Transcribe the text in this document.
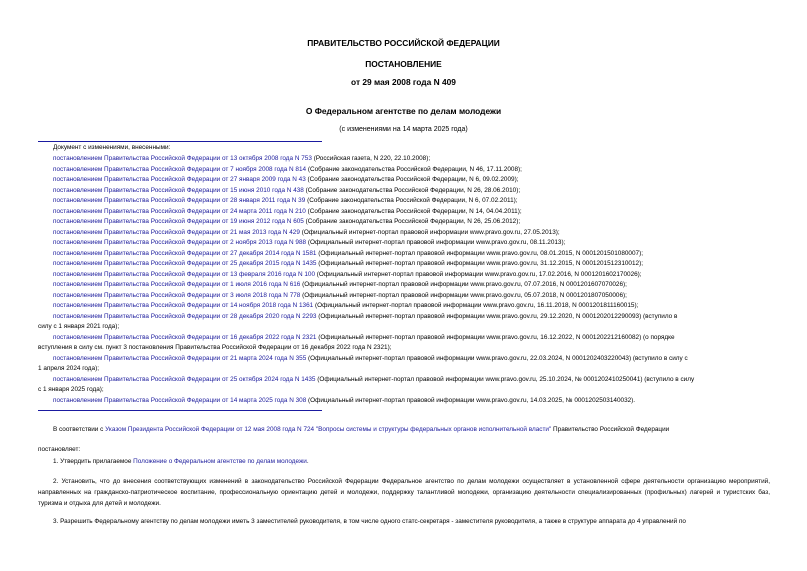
ПРАВИТЕЛЬСТВО РОССИЙСКОЙ ФЕДЕРАЦИИ
ПОСТАНОВЛЕНИЕ
от 29 мая 2008 года N 409
О Федеральном агентстве по делам молодежи
(с изменениями на 14 марта 2025 года)
Документ с изменениями, внесенными:
постановлением Правительства Российской Федерации от 13 октября 2008 года N 753 (Российская газета, N 220, 22.10.2008);
постановлением Правительства Российской Федерации от 7 ноября 2008 года N 814 (Собрание законодательства Российской Федерации, N 46, 17.11.2008);
постановлением Правительства Российской Федерации от 27 января 2009 года N 43 (Собрание законодательства Российской Федерации, N 6, 09.02.2009);
постановлением Правительства Российской Федерации от 15 июня 2010 года N 438 (Собрание законодательства Российской Федерации, N 26, 28.06.2010);
постановлением Правительства Российской Федерации от 28 января 2011 года N 39 (Собрание законодательства Российской Федерации, N 6, 07.02.2011);
постановлением Правительства Российской Федерации от 24 марта 2011 года N 210 (Собрание законодательства Российской Федерации, N 14, 04.04.2011);
постановлением Правительства Российской Федерации от 19 июня 2012 года N 605 (Собрание законодательства Российской Федерации, N 26, 25.06.2012);
постановлением Правительства Российской Федерации от 21 мая 2013 года N 429 (Официальный интернет-портал правовой информации www.pravo.gov.ru, 27.05.2013);
постановлением Правительства Российской Федерации от 2 ноября 2013 года N 988 (Официальный интернет-портал правовой информации www.pravo.gov.ru, 08.11.2013);
постановлением Правительства Российской Федерации от 27 декабря 2014 года N 1581 (Официальный интернет-портал правовой информации www.pravo.gov.ru, 08.01.2015, N 0001201501080007);
постановлением Правительства Российской Федерации от 25 декабря 2015 года N 1435 (Официальный интернет-портал правовой информации www.pravo.gov.ru, 31.12.2015, N 0001201512310012);
постановлением Правительства Российской Федерации от 13 февраля 2016 года N 100 (Официальный интернет-портал правовой информации www.pravo.gov.ru, 17.02.2016, N 0001201602170026);
постановлением Правительства Российской Федерации от 1 июля 2016 года N 616 (Официальный интернет-портал правовой информации www.pravo.gov.ru, 07.07.2016, N 0001201607070026);
постановлением Правительства Российской Федерации от 3 июля 2018 года N 778 (Официальный интернет-портал правовой информации www.pravo.gov.ru, 05.07.2018, N 0001201807050006);
постановлением Правительства Российской Федерации от 14 ноября 2018 года N 1361 (Официальный интернет-портал правовой информации www.pravo.gov.ru, 16.11.2018, N 0001201811160015);
постановлением Правительства Российской Федерации от 28 декабря 2020 года N 2293 (Официальный интернет-портал правовой информации www.pravo.gov.ru, 29.12.2020, N 0001202012290093) (вступило в
силу с 1 января 2021 года);
постановлением Правительства Российской Федерации от 16 декабря 2022 года N 2321 (Официальный интернет-портал правовой информации www.pravo.gov.ru, 16.12.2022, N 0001202212160082) (о порядке
вступления в силу см. пункт 3 постановления Правительства Российской Федерации от 16 декабря 2022 года N 2321);
постановлением Правительства Российской Федерации от 21 марта 2024 года N 355 (Официальный интернет-портал правовой информации www.pravo.gov.ru, 22.03.2024, N 0001202403220043) (вступило в силу с
1 апреля 2024 года);
постановлением Правительства Российской Федерации от 25 октября 2024 года N 1435 (Официальный интернет-портал правовой информации www.pravo.gov.ru, 25.10.2024, № 0001202410250041) (вступило в силу
с 1 января 2025 года);
постановлением Правительства Российской Федерации от 14 марта 2025 года N 308 (Официальный интернет-портал правовой информации www.pravo.gov.ru, 14.03.2025, № 0001202503140032).
В соответствии с Указом Президента Российской Федерации от 12 мая 2008 года N 724 "Вопросы системы и структуры федеральных органов исполнительной власти" Правительство Российской Федерации
постановляет:
1. Утвердить прилагаемое Положение о Федеральном агентстве по делам молодежи.
2. Установить, что до внесения соответствующих изменений в законодательство Российской Федерации Федеральное агентство по делам молодежи осуществляет в установленной сфере деятельности организацию мероприятий, направленных на гражданско-патриотическое воспитание, профессиональную ориентацию детей и молодежи, поддержку талантливой молодежи, организацию деятельности специализированных (профильных) лагерей и туристских баз, туризма и отдыха для детей и молодежи.
3. Разрешить Федеральному агентству по делам молодежи иметь 3 заместителей руководителя, в том числе одного статс-секретаря - заместителя руководителя, а также в структуре аппарата до 4 управлений по
